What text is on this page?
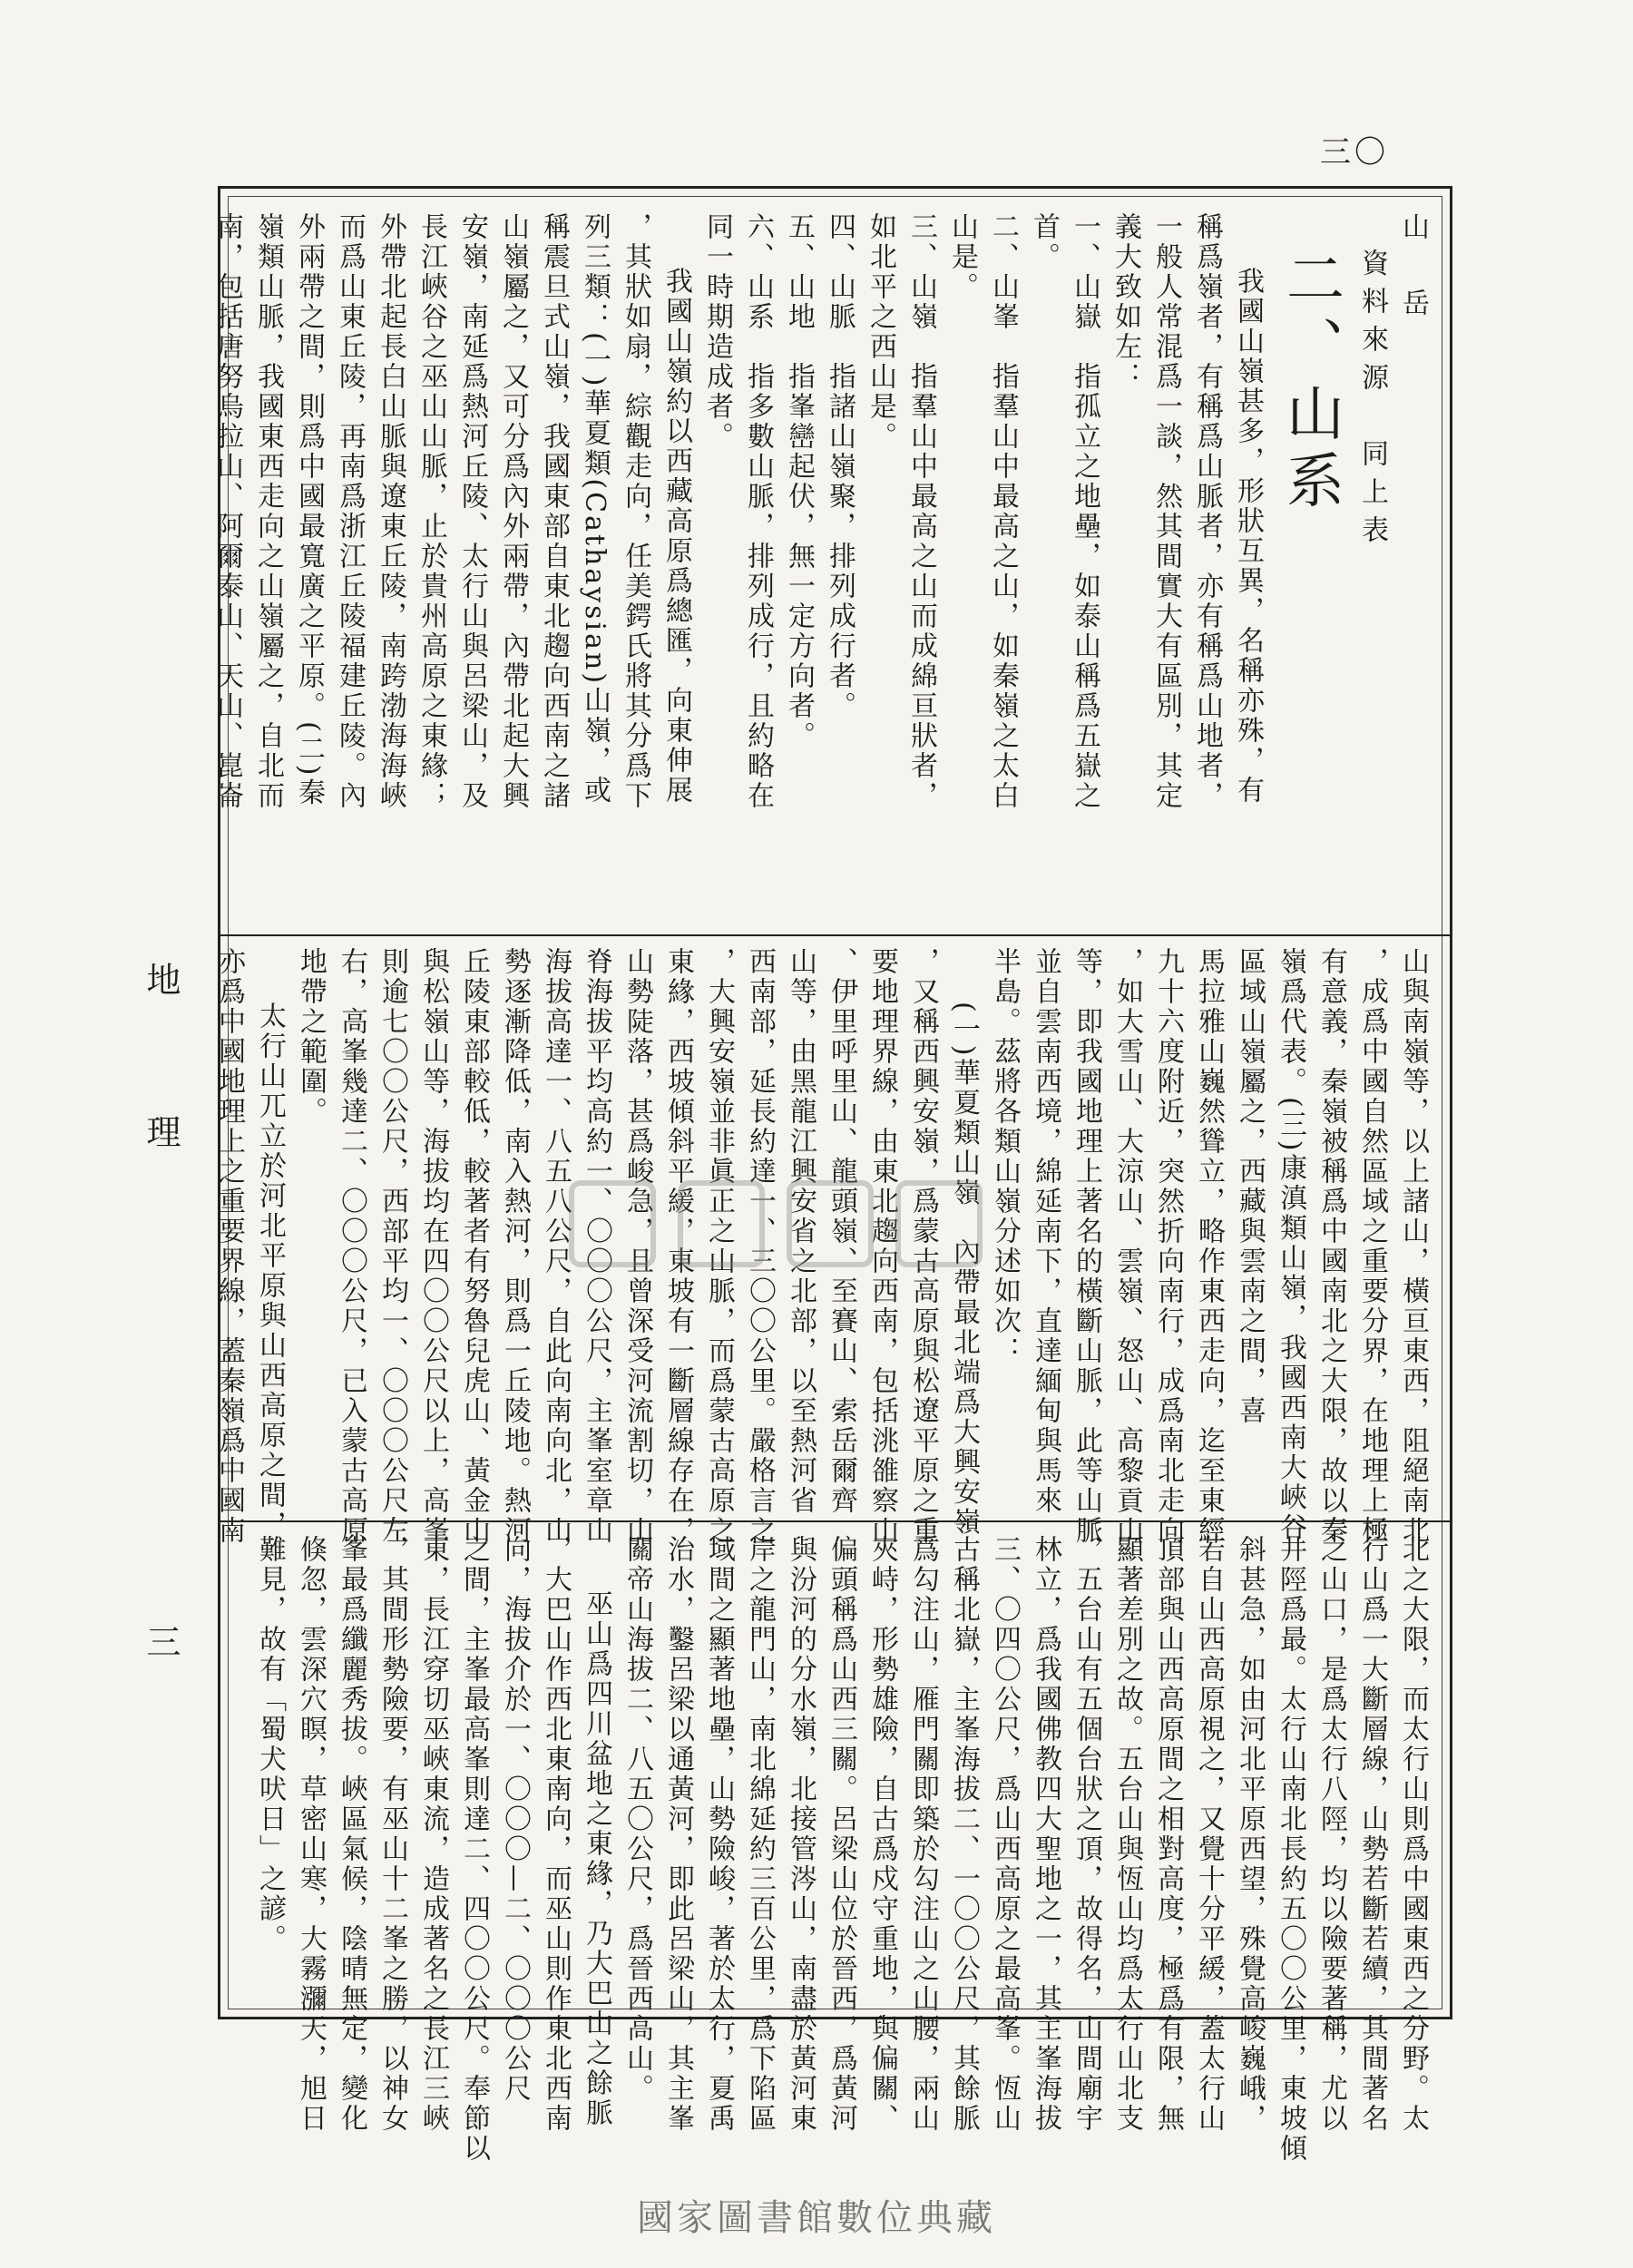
山　岳
資料來源　同上表
二、山系
我國山嶺甚多，形狀互異，名稱亦殊，有
稱爲嶺者，有稱爲山脈者，亦有稱爲山地者，
一般人常混爲一談，然其間實大有區別，其定
義大致如左：
一、山嶽　指孤立之地壘，如泰山稱爲五嶽之
首。
二、山峯　指羣山中最高之山，如秦嶺之太白
山是。
三、山嶺　指羣山中最高之山而成綿亘狀者，
如北平之西山是。
四、山脈　指諸山嶺聚，排列成行者。
五、山地　指峯巒起伏，無一定方向者。
六、山系　指多數山脈，排列成行，且約略在
同一時期造成者。
我國山嶺約以西藏高原爲總匯，向東伸展
，其狀如扇，綜觀走向，任美鍔氏將其分爲下
列三類：(一)華夏類(Cathaysian)山嶺，或
稱震旦式山嶺，我國東部自東北趨向西南之諸
山嶺屬之，又可分爲內外兩帶，內帶北起大興
安嶺，南延爲熱河丘陵、太行山與呂梁山，及
長江峽谷之巫山山脈，止於貴州高原之東緣；
外帶北起長白山脈與遼東丘陵，南跨渤海海峽
而爲山東丘陵，再南爲浙江丘陵福建丘陵。內
外兩帶之間，則爲中國最寬廣之平原。(二)秦
嶺類山脈，我國東西走向之山嶺屬之，自北而
南，包括唐努烏拉山、阿爾泰山、天山、崑崙
山與南嶺等，以上諸山，橫亘東西，阻絕南北
，成爲中國自然區域之重要分界，在地理上極
有意義，秦嶺被稱爲中國南北之大限，故以秦
嶺爲代表。(三)康滇類山嶺，我國西南大峽谷
區域山嶺屬之，西藏與雲南之間，喜
馬拉雅山巍然聳立，略作東西走向，迄至東經
九十六度附近，突然折向南行，成爲南北走向
，如大雪山、大涼山、雲嶺、怒山、高黎貢山
等，即我國地理上著名的橫斷山脈，此等山脈
並自雲南西境，綿延南下，直達緬甸與馬來
半島。茲將各類山嶺分述如次：
(一)華夏類山嶺　內帶最北端爲大興安嶺
，又稱西興安嶺，爲蒙古高原與松遼平原之重
要地理界線，由東北趨向西南，包括洮雒察山
、伊里呼里山、龍頭嶺、至賽山、索岳爾齊
山等，由黑龍江興安省之北部，以至熱河省
西南部，延長約達一、三〇〇公里。嚴格言之
，大興安嶺並非眞正之山脈，而爲蒙古高原之
東緣，西坡傾斜平緩，東坡有一斷層線存在，
山勢陡落，甚爲峻急，且曾深受河流割切，山
脊海拔平均高約一、〇〇〇公尺，主峯室章山
海拔高達一、八五八公尺，自此向南向北，山
勢逐漸降低，南入熱河，則爲一丘陵地。熱河
丘陵東部較低，較著者有努魯兒虎山、黃金山
與松嶺山等，海拔均在四〇〇公尺以上，高峯
則逾七〇〇公尺，西部平均一、〇〇〇公尺左
右，高峯幾達二、〇〇〇公尺，已入蒙古高原
地帶之範圍。
太行山兀立於河北平原與山西高原之間，
亦爲中國地理上之重要界線，蓋秦嶺爲中國南
北之大限，而太行山則爲中國東西之分野。太
行山爲一大斷層線，山勢若斷若續，其間著名
之山口，是爲太行八陘，均以險要著稱，尤以
井陘爲最。太行山南北長約五〇〇公里，東坡傾
斜甚急，如由河北平原西望，殊覺高峻巍峨，
若自山西高原視之，又覺十分平緩，蓋太行山
頂部與山西高原間之相對高度，極爲有限，無
顯著差別之故。五台山與恆山均爲太行山北支
，五台山有五個台狀之頂，故得名，山間廟宇
林立，爲我國佛教四大聖地之一，其主峯海拔
三、〇四〇公尺，爲山西高原之最高峯。恆山
古稱北嶽，主峯海拔二、一〇〇公尺，其餘脈
爲勾注山，雁門關即築於勾注山之山腰，兩山
夾峙，形勢雄險，自古爲戍守重地，與偏關、
偏頭稱爲山西三關。呂梁山位於晉西，爲黃河
與汾河的分水嶺，北接管涔山，南盡於黃河東
岸之龍門山，南北綿延約三百公里，爲下陷區
域間之顯著地壘，山勢險峻，著於太行，夏禹
治水，鑿呂梁以通黃河，即此呂梁山，其主峯
關帝山海拔二、八五〇公尺，爲晉西高山。
巫山爲四川盆地之東緣，乃大巴山之餘脈
，大巴山作西北東南向，而巫山則作東北西南
向，海拔介於一、〇〇〇—二、〇〇〇公尺
之間，主峯最高峯則達二、四〇〇公尺。奉節以
東，長江穿切巫峽東流，造成著名之長江三峽
，其間形勢險要，有巫山十二峯之勝，以神女
峯最爲纖麗秀拔。峽區氣候，陰晴無定，變化
倏忽，雲深穴瞑，草密山寒，大霧瀰天，旭日
難見，故有「蜀犬吠日」之諺。
三〇
地　　理
三
國家圖書館數位典藏
